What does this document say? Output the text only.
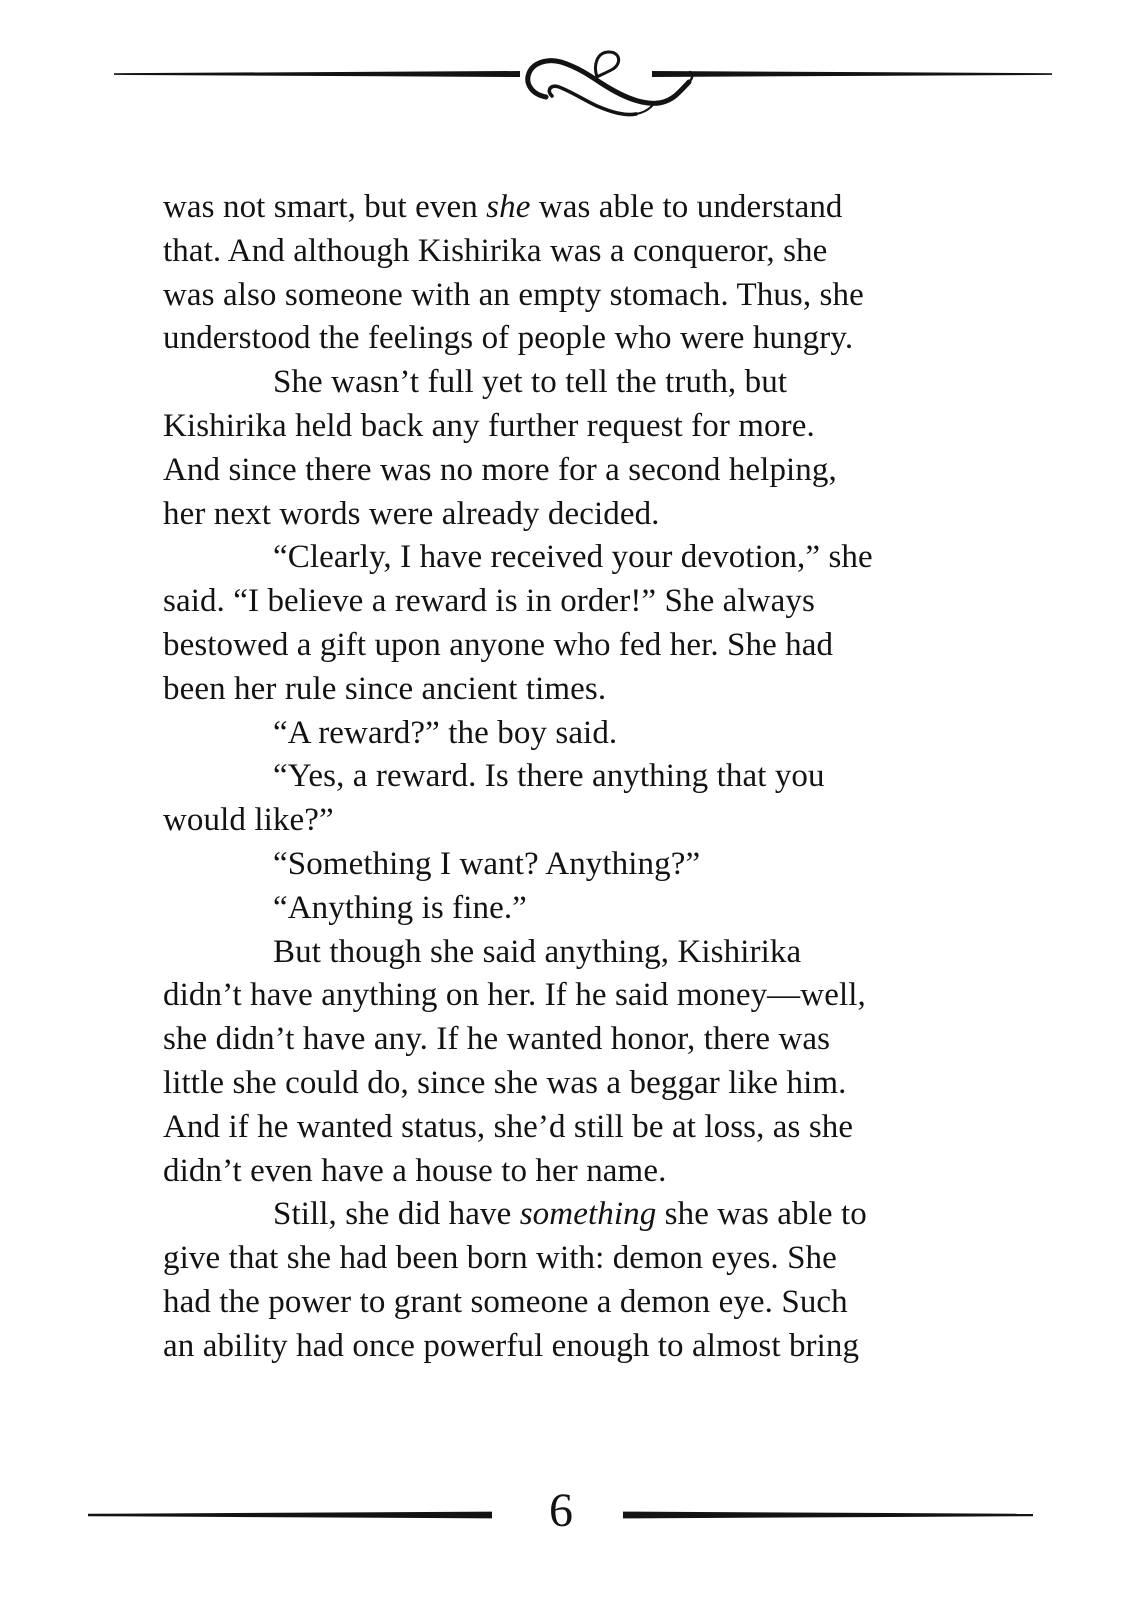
was not smart, but even she was able to understand
that. And although Kishirika was a conqueror, she
was also someone with an empty stomach. Thus, she
understood the feelings of people who were hungry.
She wasn’t full yet to tell the truth, but
Kishirika held back any further request for more.
And since there was no more for a second helping,
her next words were already decided.
“Clearly, I have received your devotion,” she
said. “I believe a reward is in order!” She always
bestowed a gift upon anyone who fed her. She had
been her rule since ancient times.
“A reward?” the boy said.
“Yes, a reward. Is there anything that you
would like?”
“Something I want? Anything?”
“Anything is fine.”
But though she said anything, Kishirika
didn’t have anything on her. If he said money—well,
she didn’t have any. If he wanted honor, there was
little she could do, since she was a beggar like him.
And if he wanted status, she’d still be at loss, as she
didn’t even have a house to her name.
Still, she did have something she was able to
give that she had been born with: demon eyes. She
had the power to grant someone a demon eye. Such
an ability had once powerful enough to almost bring
6
